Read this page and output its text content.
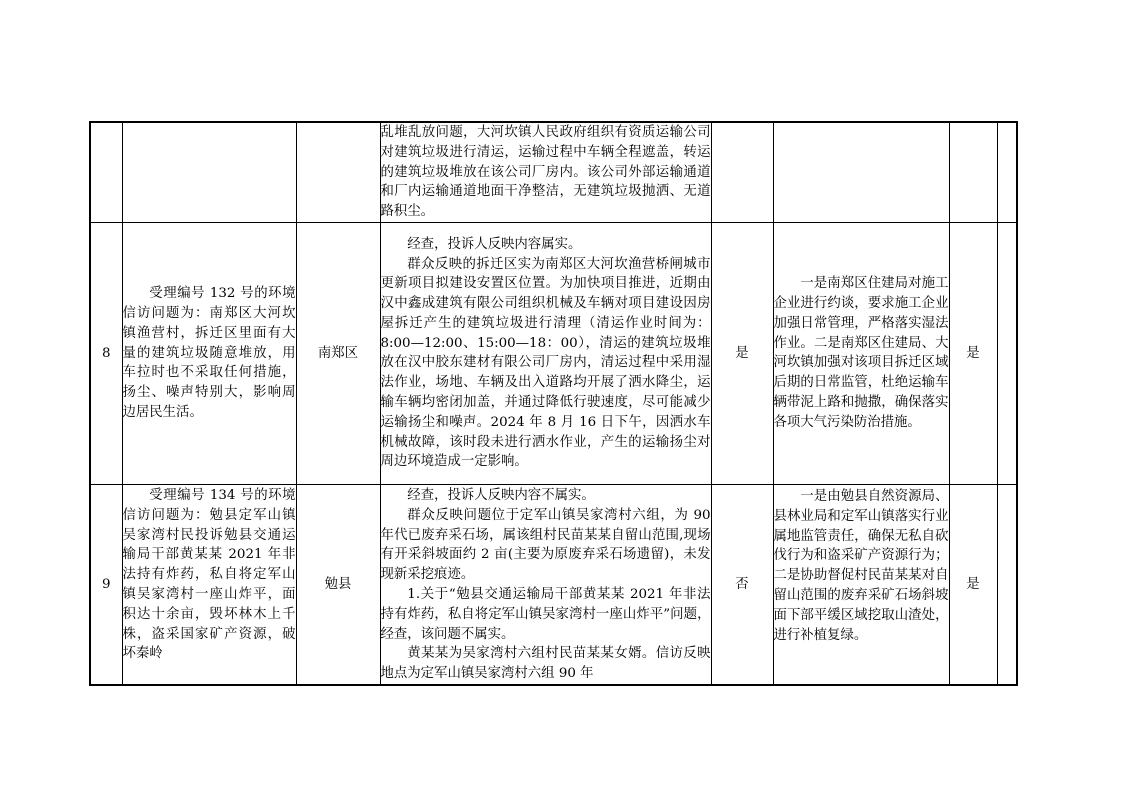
			乱堆乱放问题，大河坎镇人民政府组织有资质运输公司对建筑垃圾进行清运，运输过程中车辆全程遮盖，转运的建筑垃圾堆放在该公司厂房内。该公司外部运输通道和厂内运输通道地面干净整洁，无建筑垃圾抛洒、无道路积尘。				

8	受理编号 132 号的环境信访问题为：南郑区大河坎镇渔营村，拆迁区里面有大量的建筑垃圾随意堆放，用车拉时也不采取任何措施，扬尘、噪声特别大，影响周边居民生活。	南郑区	经查，投诉人反映内容属实。

群众反映的拆迁区实为南郑区大河坎渔营桥闸城市更新项目拟建设安置区位置。为加快项目推进，近期由汉中鑫成建筑有限公司组织机械及车辆对项目建设因房屋拆迁产生的建筑垃圾进行清理（清运作业时间为：8:00—12:00、15:00—18：00），清运的建筑垃圾堆放在汉中胶东建材有限公司厂房内，清运过程中采用湿法作业，场地、车辆及出入道路均开展了洒水降尘，运输车辆均密闭加盖，并通过降低行驶速度，尽可能减少运输扬尘和噪声。2024 年 8 月 16 日下午，因洒水车机械故障，该时段未进行洒水作业，产生的运输扬尘对周边环境造成一定影响。	是	一是南郑区住建局对施工企业进行约谈，要求施工企业加强日常管理，严格落实湿法作业。二是南郑区住建局、大河坎镇加强对该项目拆迁区域后期的日常监管，杜绝运输车辆带泥上路和抛撒，确保落实各项大气污染防治措施。	是	
9	受理编号 134 号的环境信访问题为：勉县定军山镇吴家湾村民投诉勉县交通运输局干部黄某某 2021 年非法持有炸药，私自将定军山镇吴家湾村一座山炸平，面积达十余亩，毁坏林木上千株，盗采国家矿产资源，破坏秦岭	勉县	经查，投诉人反映内容不属实。

群众反映问题位于定军山镇吴家湾村六组，为 90 年代已废弃采石场，属该组村民苗某某自留山范围,现场有开采斜坡面约 2 亩(主要为原废弃采石场遗留)，未发现新采挖痕迹。

1.关于“勉县交通运输局干部黄某某 2021 年非法持有炸药，私自将定军山镇吴家湾村一座山炸平”问题，经查，该问题不属实。

黄某某为吴家湾村六组村民苗某某女婿。信访反映地点为定军山镇吴家湾村六组 90 年	否	一是由勉县自然资源局、县林业局和定军山镇落实行业属地监管责任，确保无私自砍伐行为和盗采矿产资源行为；二是协助督促村民苗某某对自留山范围的废弃采矿石场斜坡面下部平缓区域挖取山渣处，进行补植复绿。	是	
